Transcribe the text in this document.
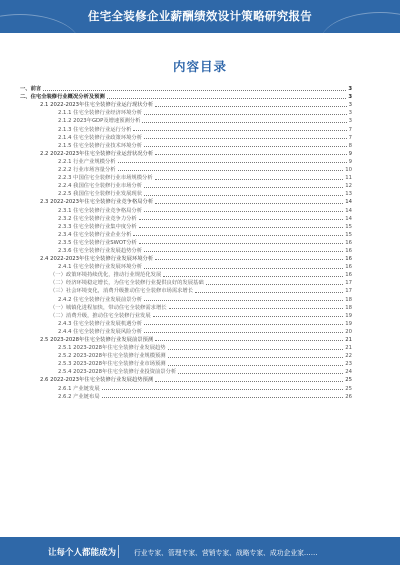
住宅全装修企业薪酬绩效设计策略研究报告
内容目录
一、前言	3
二、住宅全装修行业概况分析及预测	3
2.1 2022-2023年住宅全装修行业运行现状分析	3
2.1.1 住宅全装修行业经济环境分析	3
2.1.2 2023年GDP及增速预测分析	3
2.1.3 住宅全装修行业运行分析	7
2.1.4 住宅全装修行业政策环境分析	7
2.1.5 住宅全装修行业技术环境分析	8
2.2 2022-2023年住宅全装修行业运营状况分析	9
2.2.1 行业产业规模分析	9
2.2.2 行业市场容量分析	10
2.2.3 中国住宅全装修行业市场规模分析	11
2.2.4 我国住宅全装修行业市场分析	12
2.2.5 我国住宅全装修行业发展现状	13
2.3 2022-2023年住宅全装修行业竞争格局分析	14
2.3.1 住宅全装修行业竞争格局分析	14
2.3.2 住宅全装修行业竞争力分析	14
2.3.3 住宅全装修行业集中度分析	15
2.3.4 住宅全装修行业企业分析	15
2.3.5 住宅全装修行业SWOT分析	16
2.3.6 住宅全装修行业发展趋势分析	16
2.4 2022-2023年住宅全装修行业发展环境分析	16
2.4.1 住宅全装修行业发展环境分析	16
（一）政策环境持续优化，推动行业规范化发展	16
（二）经济环境稳定增长，为住宅全装修行业提供良好的发展基础	17
（三）社会环境变化，消费升级推动住宅全装修市场需求增长	17
2.4.2 住宅全装修行业发展前景分析	18
（一）城镇化进程加快，带动住宅全装修需求增长	18
（二）消费升级，推动住宅全装修行业发展	19
2.4.3 住宅全装修行业发展机遇分析	19
2.4.4 住宅全装修行业发展风险分析	20
2.5 2023-2028年住宅全装修行业发展前景预测	21
2.5.1 2023-2028年住宅全装修行业发展趋势	21
2.5.2 2023-2028年住宅全装修行业规模预测	22
2.5.3 2023-2028年住宅全装修行业市场预测	23
2.5.4 2023-2028年住宅全装修行业投资前景分析	24
2.6 2022-2023年住宅全装修行业发展趋势预测	25
2.6.1 产业链发展	25
2.6.2 产业链布局	26
让每个人都能成为	行业专家、管理专家、营销专家、战略专家、成功企业家……
